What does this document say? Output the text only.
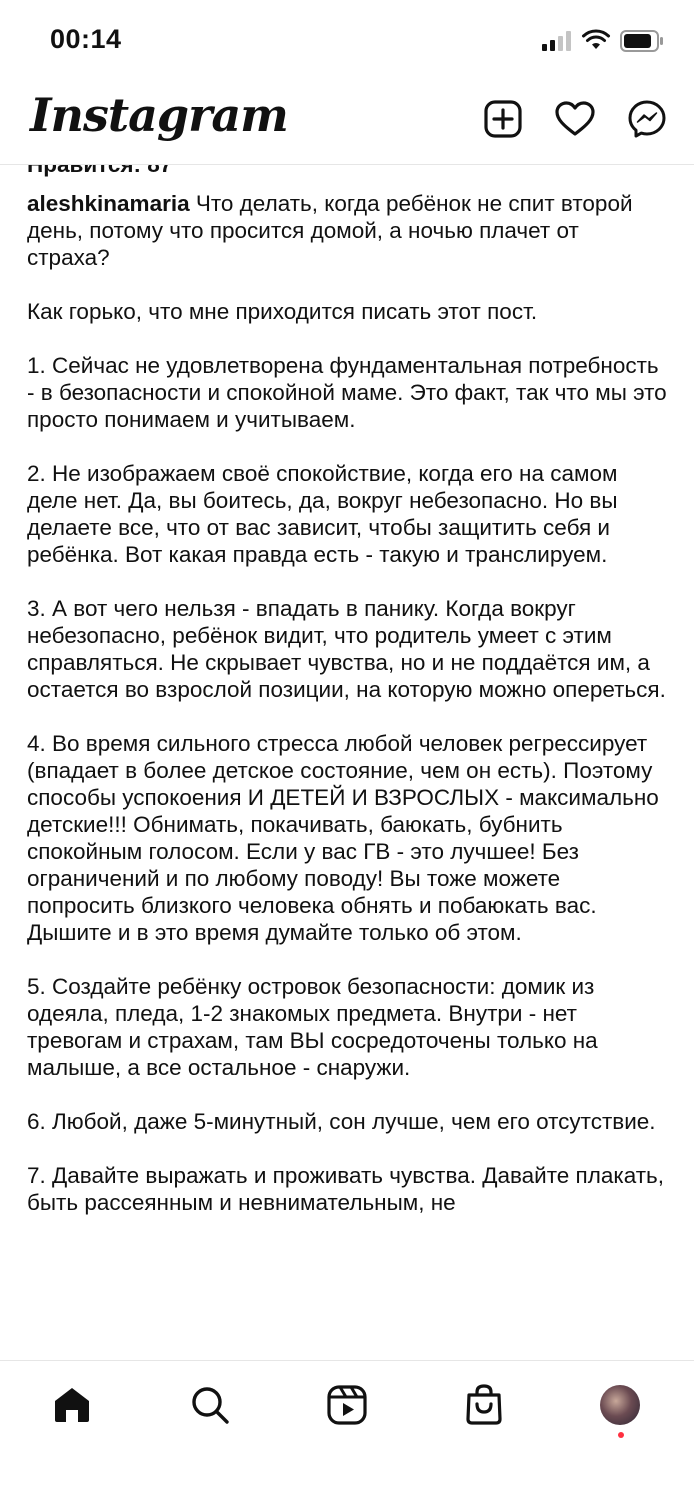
00:14
Instagram

aleshkinamaria Что делать, когда ребёнок не спит второй день, потому что просится домой, а ночью плачет от страха?

Как горько, что мне приходится писать этот пост.

1. Сейчас не удовлетворена фундаментальная потребность - в безопасности и спокойной маме. Это факт, так что мы это просто понимаем и учитываем.

2. Не изображаем своё спокойствие, когда его на самом деле нет. Да, вы боитесь, да, вокруг небезопасно. Но вы делаете все, что от вас зависит, чтобы защитить себя и ребёнка. Вот какая правда есть - такую и транслируем.

3. А вот чего нельзя - впадать в панику. Когда вокруг небезопасно, ребёнок видит, что родитель умеет с этим справляться. Не скрывает чувства, но и не поддаётся им, а остается во взрослой позиции, на которую можно опереться.

4. Во время сильного стресса любой человек регрессирует (впадает в более детское состояние, чем он есть). Поэтому способы успокоения И ДЕТЕЙ И ВЗРОСЛЫХ - максимально детские!!! Обнимать, покачивать, баюкать, бубнить спокойным голосом. Если у вас ГВ - это лучшее! Без ограничений и по любому поводу! Вы тоже можете попросить близкого человека обнять и побаюкать вас. Дышите и в это время думайте только об этом.

5. Создайте ребёнку островок безопасности: домик из одеяла, пледа, 1-2 знакомых предмета. Внутри - нет тревогам и страхам, там ВЫ сосредоточены только на малыше, а все остальное - снаружи.

6. Любой, даже 5-минутный, сон лучше, чем его отсутствие.

7. Давайте выражать и проживать чувства. Давайте плакать, быть рассеянным и невнимательным, не
